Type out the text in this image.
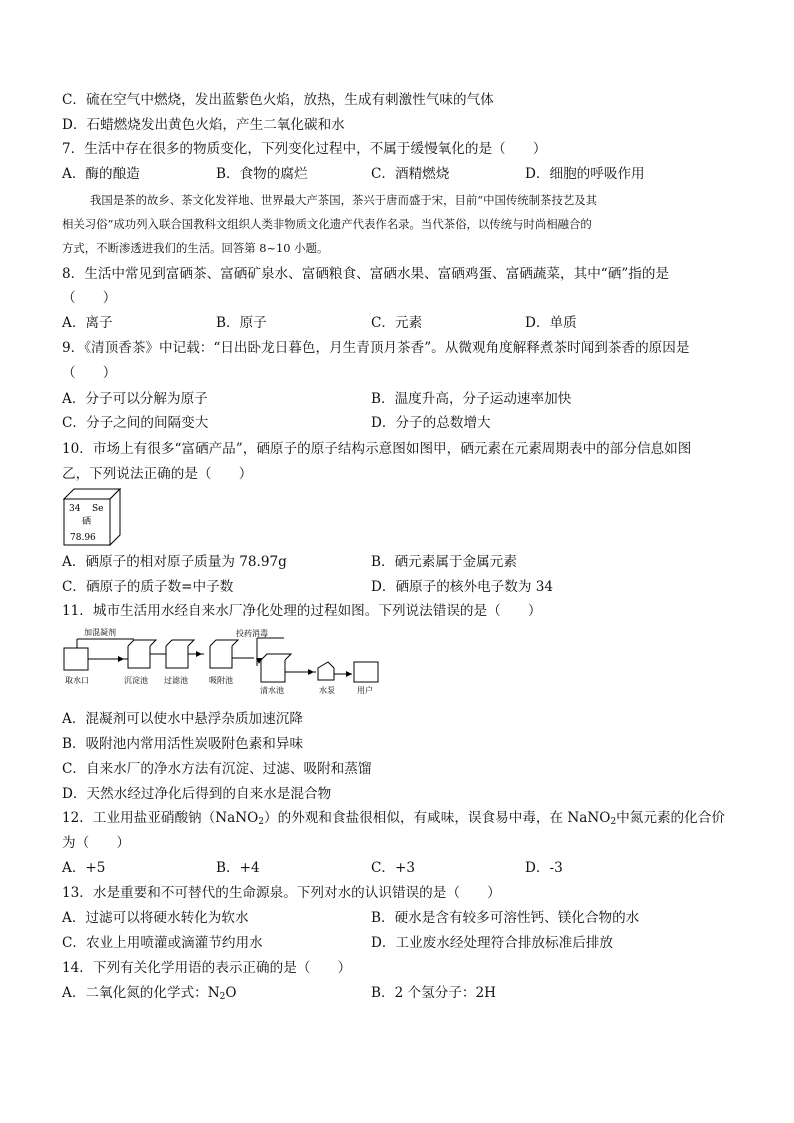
C．硫在空气中燃烧，发出蓝紫色火焰，放热，生成有刺激性气味的气体
D．石蜡燃烧发出黄色火焰，产生二氧化碳和水
7．生活中存在很多的物质变化，下列变化过程中，不属于缓慢氧化的是（　　）
A．酶的酿造	B．食物的腐烂	C．酒精燃烧	D．细胞的呼吸作用
我国是茶的故乡、茶文化发祥地、世界最大产茶国，茶兴于唐而盛于宋，目前“中国传统制茶技艺及其
相关习俗”成功列入联合国教科文组织人类非物质文化遗产代表作名录。当代茶俗，以传统与时尚相融合的
方式，不断渗透进我们的生活。回答第 8~10 小题。
8．生活中常见到富硒茶、富硒矿泉水、富硒粮食、富硒水果、富硒鸡蛋、富硒蔬菜，其中“硒”指的是
（　　）
A．离子	B．原子	C．元素	D．单质
9．《清顶香茶》中记载：“日出卧龙日暮色，月生青顶月茶香”。从微观角度解释煮茶时闻到茶香的原因是
（　　）
A．分子可以分解为原子	B．温度升高，分子运动速率加快
C．分子之间的间隔变大	D．分子的总数增大
10．市场上有很多“富硒产品”，硒原子的原子结构示意图如图甲，硒元素在元素周期表中的部分信息如图
乙，下列说法正确的是（　　）
34 Se
硒
78.96
A．硒原子的相对原子质量为 78.97g	B．硒元素属于金属元素
C．硒原子的质子数=中子数	D．硒原子的核外电子数为 34
11．城市生活用水经自来水厂净化处理的过程如图。下列说法错误的是（　　）
加混凝剂	投药消毒
取水口	沉淀池 过滤池	吸附池
清水池	水泵	用户
A．混凝剂可以使水中悬浮杂质加速沉降
B．吸附池内常用活性炭吸附色素和异味
C．自来水厂的净水方法有沉淀、过滤、吸附和蒸馏
D．天然水经过净化后得到的自来水是混合物
12．工业用盐亚硝酸钠（NaNO$_2$）的外观和食盐很相似，有咸味，误食易中毒，在 NaNO$_2$中氮元素的化合价
为（　　）
A．+5	B．+4	C．+3	D．-3
13．水是重要和不可替代的生命源泉。下列对水的认识错误的是（　　）
A．过滤可以将硬水转化为软水	B．硬水是含有较多可溶性钙、镁化合物的水
C．农业上用喷灌或滴灌节约用水	D．工业废水经处理符合排放标准后排放
14．下列有关化学用语的表示正确的是（　　）
A．二氧化氮的化学式：$N_2O$	B．2 个氢分子：2H
